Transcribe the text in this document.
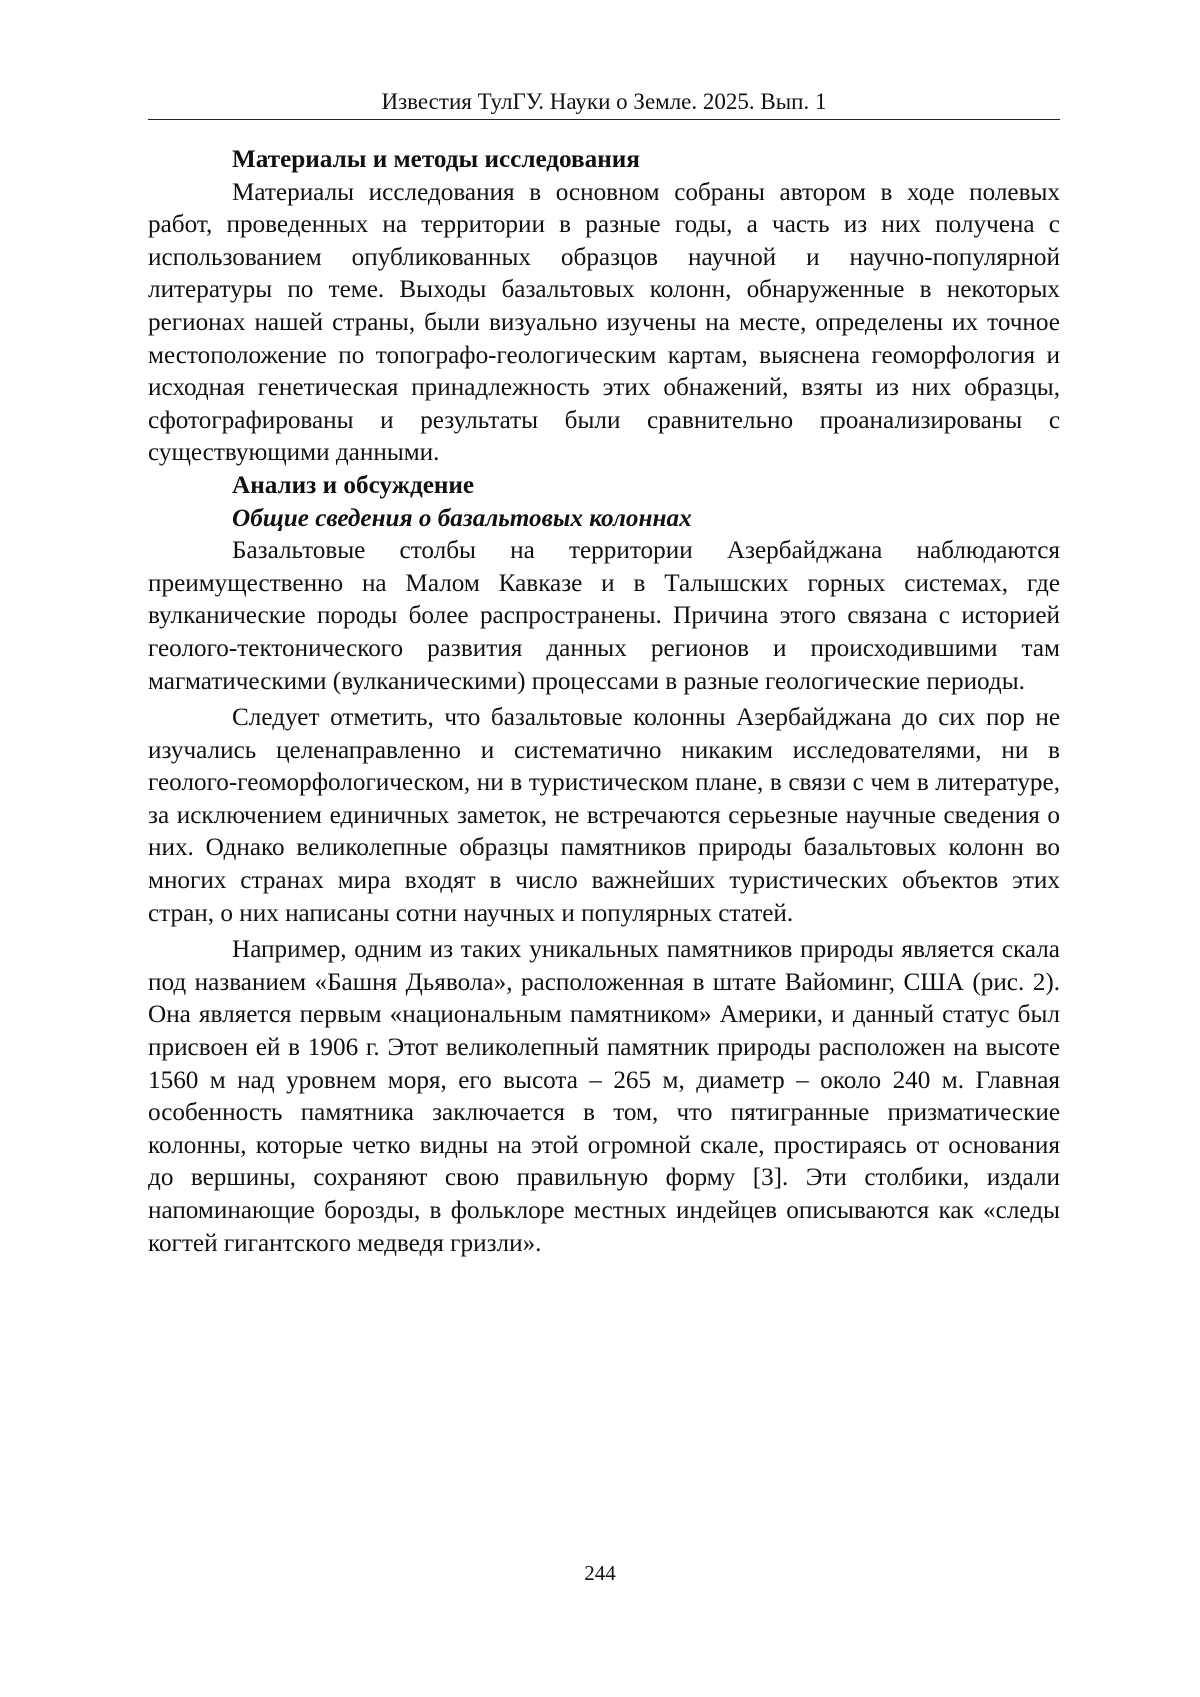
Известия ТулГУ. Науки о Земле. 2025. Вып. 1

Материалы и методы исследования

Материалы исследования в основном собраны автором в ходе полевых работ, проведенных на территории в разные годы, а часть из них получена с использованием опубликованных образцов научной и научно-популярной литературы по теме. Выходы базальтовых колонн, обнаруженные в некоторых регионах нашей страны, были визуально изучены на месте, определены их точное местоположение по топографо-геологическим картам, выяснена геоморфология и исходная генетическая принадлежность этих обнажений, взяты из них образцы, сфотографированы и результаты были сравнительно проанализированы с существующими данными.

Анализ и обсуждение

Общие сведения о базальтовых колоннах

Базальтовые столбы на территории Азербайджана наблюдаются преимущественно на Малом Кавказе и в Талышских горных системах, где вулканические породы более распространены. Причина этого связана с историей геолого-тектонического развития данных регионов и происходившими там магматическими (вулканическими) процессами в разные геологические периоды.

Следует отметить, что базальтовые колонны Азербайджана до сих пор не изучались целенаправленно и систематично никаким исследователями, ни в геолого-геоморфологическом, ни в туристическом плане, в связи с чем в литературе, за исключением единичных заметок, не встречаются серьезные научные сведения о них. Однако великолепные образцы памятников природы базальтовых колонн во многих странах мира входят в число важнейших туристических объектов этих стран, о них написаны сотни научных и популярных статей.

Например, одним из таких уникальных памятников природы является скала под названием «Башня Дьявола», расположенная в штате Вайоминг, США (рис. 2). Она является первым «национальным памятником» Америки, и данный статус был присвоен ей в 1906 г. Этот великолепный памятник природы расположен на высоте 1560 м над уровнем моря, его высота – 265 м, диаметр – около 240 м. Главная особенность памятника заключается в том, что пятигранные призматические колонны, которые четко видны на этой огромной скале, простираясь от основания до вершины, сохраняют свою правильную форму [3]. Эти столбики, издали напоминающие борозды, в фольклоре местных индейцев описываются как «следы когтей гигантского медведя гризли».

244
